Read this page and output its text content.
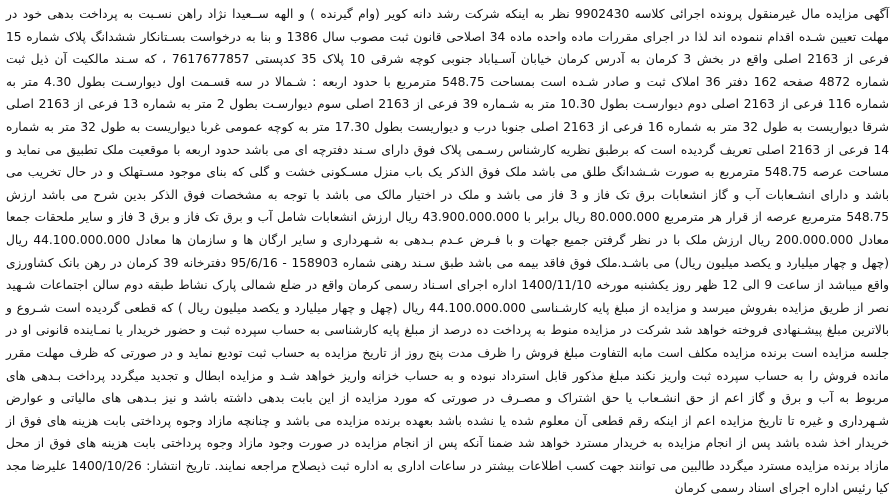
آگهی مزایده مال غیرمنقول پرونده اجرائی کلاسه 9902430 نظر به اینکه شرکت رشد دانه کویر (وام گیرنده ) و الهه ســعیدا نژاد راهن نسـبت به پرداخت بدهی خود در مهلت تعیین شـده اقدام ننموده اند لذا در اجرای مقررات ماده واحده ماده 34 اصلاحی قانون ثبت مصوب سال 1386 و بنا به درخواست بسـتانکار ششدانگ پلاک شماره 15 فرعی از 2163 اصلی واقع در بخش 3 کرمان به آدرس کرمان خیابان آسـیاباد جنوبی کوچه شرقی 10 پلاک 35 کدپستی 7617677857 ، که سـند مالکیت آن ذیل ثبت شماره 4872 صفحه 162 دفتر 36 املاک ثبت و صادر شـده است بمساحت 548.75 مترمربع با حدود اربعه : شـمالا در سه قسـمت اول دیوارسـت بطول 4.30 متر به شماره 116 فرعی از 2163 اصلی دوم دیوارسـت بطول 10.30 متر به شـماره 39 فرعی از 2163 اصلی سوم دیوارسـت بطول 2 متر به شماره 13 فرعی از 2163 اصلی شرقا دیواریست به طول 32 متر به شماره 16 فرعی از 2163 اصلی جنوبا درب و دیواریست بطول 17.30 متر به کوچه عمومی غربا دیواریست به طول 32 متر به شماره 14 فرعی از 2163 اصلی تعریف گردیده است که برطبق نظریه کارشناس رسـمی پلاک فوق دارای سـند دفترچه ای می باشد حدود اربعه با موقعیت ملک تطبیق می نماید و مساحت عرصه 548.75 مترمربع به صورت شـشدانگ طلق می باشد ملک فوق الذکر یک باب منزل مسـکونی خشت و گلی که بنای موجود مسـتهلک و در حال تخریب می باشد و دارای انشـعابات آب و گاز انشعابات برق تک فاز و 3 فاز می باشد و ملک در اختیار مالک می باشد با توجه به مشخصات فوق الذکر بدین شرح می باشد ارزش 548.75 مترمربع عرصه از قرار هر مترمربع 80.000.000 ریال برابر با 43.900.000.000 ریال ارزش انشعابات شامل آب و برق تک فاز و برق 3 فاز و سایر ملحقات جمعا معادل 200.000.000 ریال ارزش ملک با در نظر گرفتن جمیع جهات و با فـرض عـدم بـدهی به شـهرداری و سایر ارگان ها و سازمان ها معادل 44.100.000.000 ریال (چهل و چهار میلیارد و یکصد میلیون ریال) می باشـد.ملک فوق فاقد بیمه می باشد طبق سـند رهنی شماره 158903 - 95/6/16 دفترخانه 39 کرمان در رهن بانک کشاورزی واقع میباشد از ساعت 9 الی 12 ظهر روز یکشنبه مورخه 1400/11/10 اداره اجرای اسـناد رسمی کرمان واقع در ضلع شمالی پارک نشاط طبقه دوم سالن اجتماعات شـهید نصر از طریق مزایده بفروش میرسد و مزایده از مبلغ پایه کارشـناسی 44.100.000.000 ریال (چهل و چهار میلیارد و یکصد میلیون ریال ) که قطعی گردیده است شـروع و بالاترین مبلغ پیشـنهادی فروخته خواهد شد شرکت در مزایده منوط به پرداخت ده درصد از مبلغ پایه کارشناسی به حساب سپرده ثبت و حضور خریدار یا نمـاینده قانونی او در جلسه مزایده است برنده مزایده مکلف است مابه التفاوت مبلغ فروش را ظرف مدت پنج روز از تاریخ مزایده به حساب ثبت تودیع نماید و در صورتی که ظرف مهلت مقرر مانده فروش را به حساب سپرده ثبت واریز نکند مبلغ مذکور قابل استرداد نبوده و به حساب خزانه واریز خواهد شـد و مزایده ابطال و تجدید میگردد پرداخت بـدهی های مربوط به آب و برق و گاز اعم از حق انشـعاب یا حق اشتراک و مصـرف در صورتی که مورد مزایده از این بابت بدهی داشته باشد و نیز بـدهی های مالیاتی و عوارض شـهرداری و غیره تا تاریخ مزایده اعم از اینکه رقم قطعی آن معلوم شده یا نشده باشد بعهده برنده مزایده می باشد و چنانچه مازاد وجوه پرداختی بابت هزینه های فوق از خریدار اخذ شده باشد پس از انجام مزایده به خریدار مسترد خواهد شد ضمنا آنکه پس از انجام مزایده در صورت وجود مازاد وجوه پرداختی بابت هزینه های فوق از محل مازاد برنده مزایده مسترد میگردد طالبین می توانند جهت کسب اطلاعات بیشتر در ساعات اداری به اداره ثبت ذیصلاح مراجعه نمایند. تاریخ انتشار: 1400/10/26 علیرضا مجد کیا رئیس اداره اجرای اسناد رسمی کرمان
